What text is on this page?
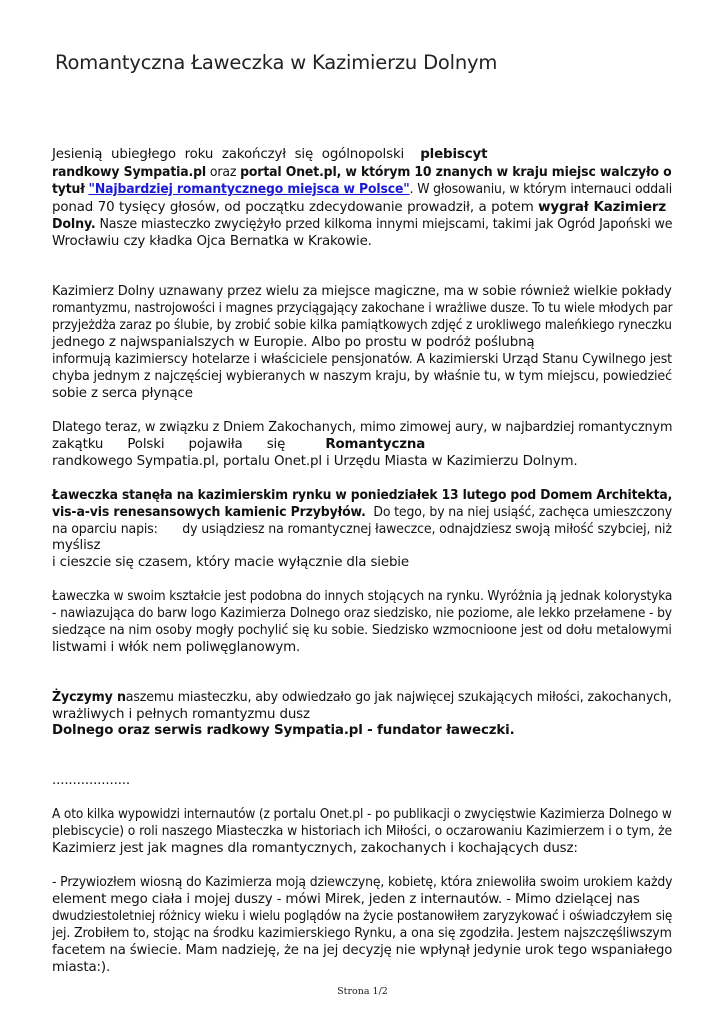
Romantyczna Ławeczka w Kazimierzu Dolnym
Jesienią ubiegłego roku zakończył się ogólnopolski plebiscyt
randkowy Sympatia.pl oraz portal Onet.pl, w którym 10 znanych w kraju miejsc walczyło o
tytuł "Najbardziej romantycznego miejsca w Polsce". W głosowaniu, w którym internauci oddali
ponad 70 tysięcy głosów, od początku zdecydowanie prowadził, a potem wygrał Kazimierz
Dolny. Nasze miasteczko zwyciężyło przed kilkoma innymi miejscami, takimi jak Ogród Japoński we
Wrocławiu czy kładka Ojca Bernatka w Krakowie.
Kazimierz Dolny uznawany przez wielu za miejsce magiczne, ma w sobie również wielkie pokłady
romantyzmu, nastrojowości i magnes przyciągający zakochane i wrażliwe dusze. To tu wiele młodych par
przyjeżdża zaraz po ślubie, by zrobić sobie kilka pamiątkowych zdjęć z urokliwego maleńkiego ryneczku
jednego z najwspanialszych w Europie. Albo po prostu w podróż poślubną
informują kazimierscy hotelarze i właściciele pensjonatów. A kazimierski Urząd Stanu Cywilnego jest
chyba jednym z najczęściej wybieranych w naszym kraju, by właśnie tu, w tym miejscu, powiedzieć
sobie z serca płynące
Dlatego teraz, w związku z Dniem Zakochanych, mimo zimowej aury, w najbardziej romantycznym
zakątku Polski pojawiła się	Romantyczna
randkowego Sympatia.pl, portalu Onet.pl i Urzędu Miasta w Kazimierzu Dolnym.
Ławeczka stanęła na kazimierskim rynku w poniedziałek 13 lutego pod Domem Architekta,
vis-a-vis renesansowych kamienic Przybyłów.  Do tego, by na niej usiąść, zachęca umieszczony
na oparciu napis: dy usiądziesz na romantycznej ławeczce, odnajdziesz swoją miłość szybciej, niż
myślisz
i cieszcie się czasem, który macie wyłącznie dla siebie
Ławeczka w swoim kształcie jest podobna do innych stojących na rynku. Wyróżnia ją jednak kolorystyka
- nawiazująca do barw logo Kazimierza Dolnego oraz siedzisko, nie poziome, ale lekko przełamene - by
siedzące na nim osoby mogły pochylić się ku sobie. Siedzisko wzmocnioone jest od dołu metalowymi
listwami i włók nem poliwęglanowym.
Życzymy naszemu miasteczku, aby odwiedzało go jak najwięcej szukających miłości, zakochanych,
wrażliwych i pełnych romantyzmu dusz
Dolnego oraz serwis radkowy Sympatia.pl - fundator ławeczki.
...................
A oto kilka wypowidzi internautów (z portalu Onet.pl - po publikacji o zwycięstwie Kazimierza Dolnego w
plebiscycie) o roli naszego Miasteczka w historiach ich Miłości, o oczarowaniu Kazimierzem i o tym, że
Kazimierz jest jak magnes dla romantycznych, zakochanych i kochających dusz:
- Przywiozłem wiosną do Kazimierza moją dziewczynę, kobietę, która zniewoliła swoim urokiem każdy
element mego ciała i mojej duszy - mówi Mirek, jeden z internautów. - Mimo dzielącej nas
dwudziestoletniej różnicy wieku i wielu poglądów na życie postanowiłem zaryzykować i oświadczyłem się
jej. Zrobiłem to, stojąc na środku kazimierskiego Rynku, a ona się zgodziła. Jestem najszczęśliwszym
facetem na świecie. Mam nadzieję, że na jej decyzję nie wpłynął jedynie urok tego wspaniałego
miasta:).
Strona 1/2
